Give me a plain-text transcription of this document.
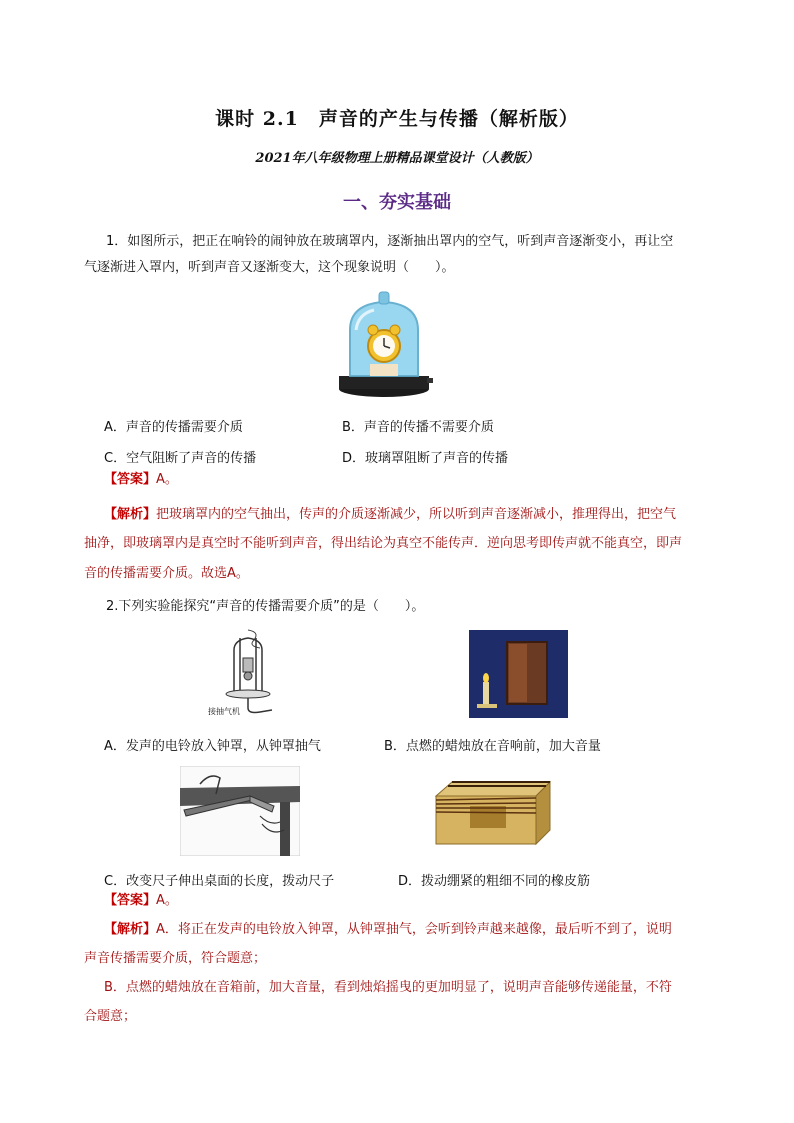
课时 2.1　声音的产生与传播（解析版）
2021年八年级物理上册精品课堂设计（人教版）
一、夯实基础
1．如图所示，把正在响铃的闹钟放在玻璃罩内，逐渐抽出罩内的空气，听到声音逐渐变小，再让空
气逐渐进入罩内，听到声音又逐渐变大，这个现象说明（　　）。
A．声音的传播需要介质	B．声音的传播不需要介质
C．空气阻断了声音的传播	D．玻璃罩阻断了声音的传播
【答案】A。
【解析】把玻璃罩内的空气抽出，传声的介质逐渐减少，所以听到声音逐渐减小，推理得出，把空气
抽净，即玻璃罩内是真空时不能听到声音，得出结论为真空不能传声．逆向思考即传声就不能真空，即声
音的传播需要介质。故选A。
2.下列实验能探究“声音的传播需要介质”的是（　　）。
接抽气机
A．发声的电铃放入钟罩，从钟罩抽气	B．点燃的蜡烛放在音响前，加大音量
C．改变尺子伸出桌面的长度，拨动尺子	D．拨动绷紧的粗细不同的橡皮筋
【答案】A。
【解析】A．将正在发声的电铃放入钟罩，从钟罩抽气，会听到铃声越来越像，最后听不到了，说明
声音传播需要介质，符合题意；
B．点燃的蜡烛放在音箱前，加大音量，看到烛焰摇曳的更加明显了，说明声音能够传递能量，不符
合题意；
